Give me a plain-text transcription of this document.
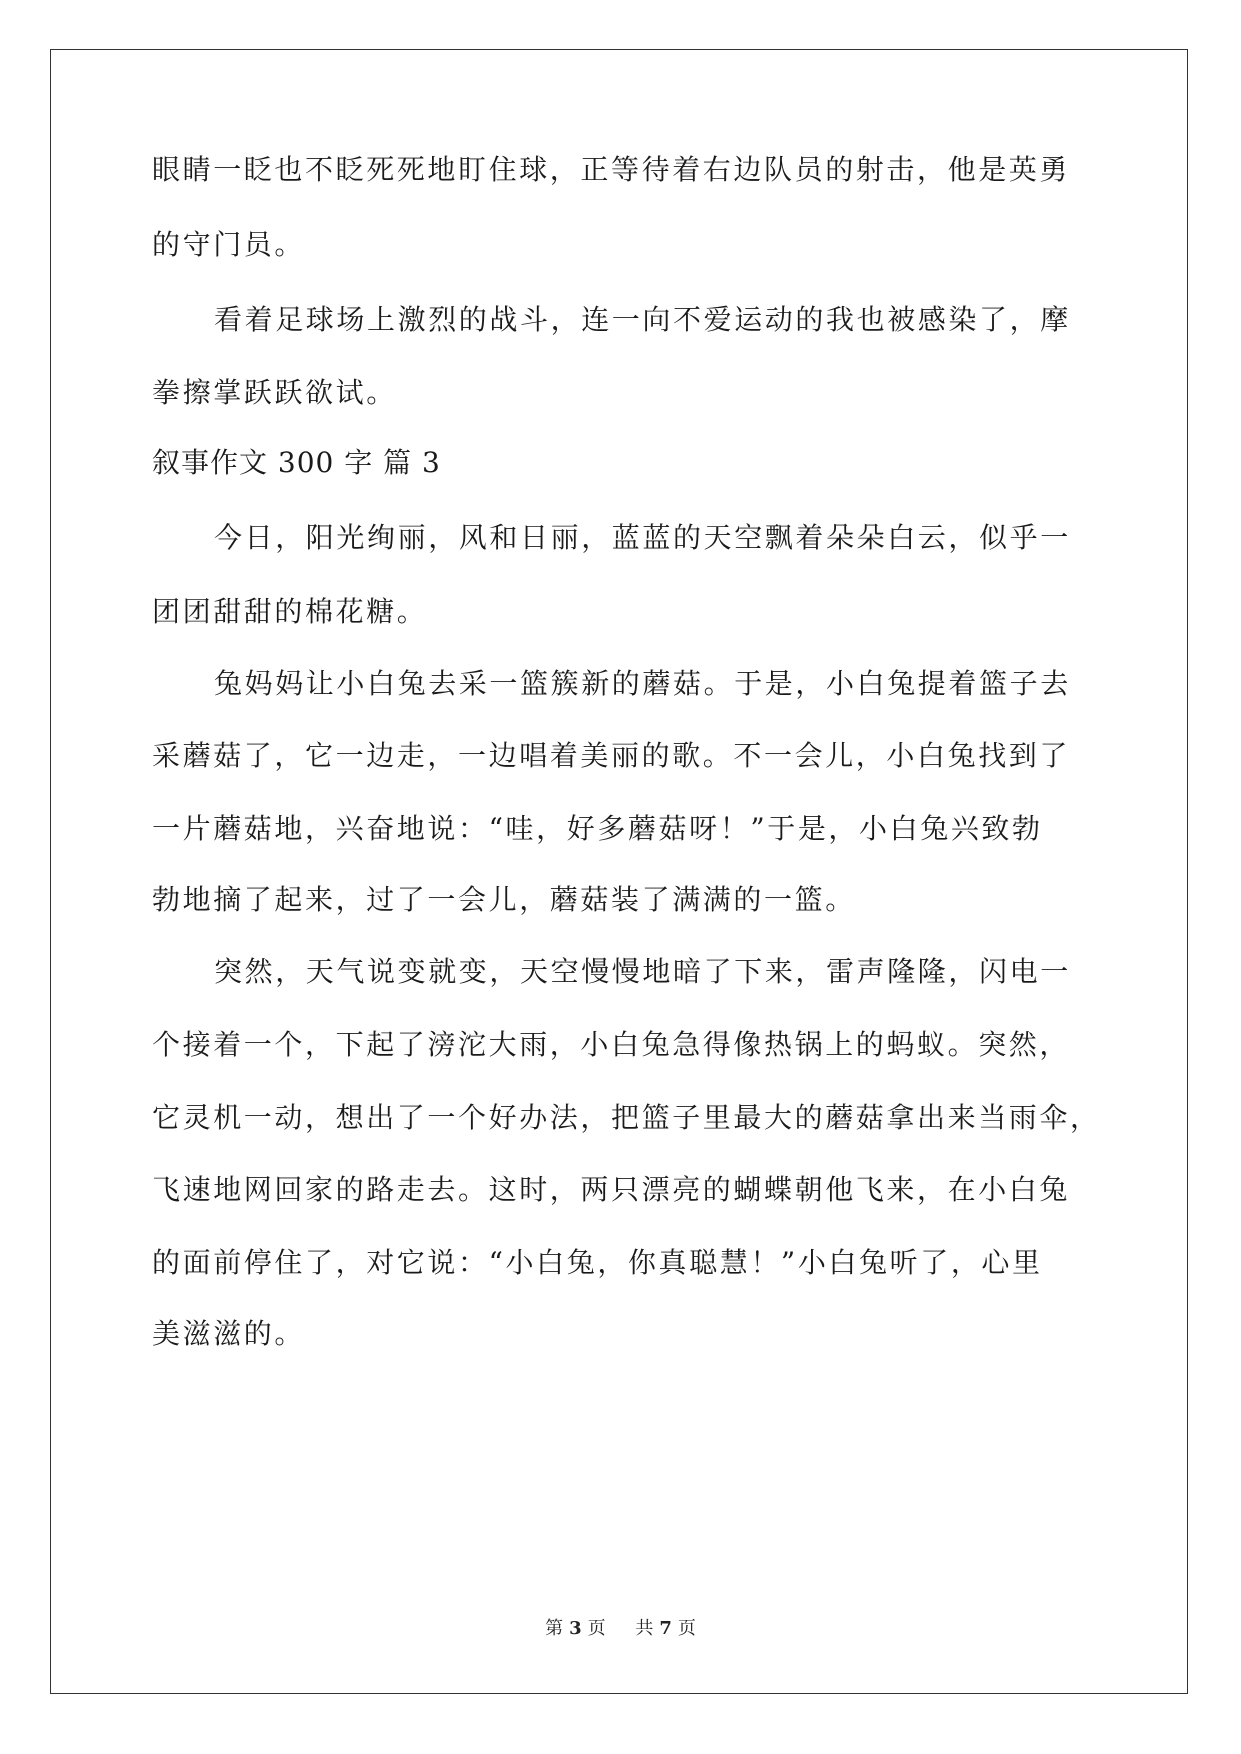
眼睛一眨也不眨死死地盯住球，正等待着右边队员的射击，他是英勇
的守门员。
看着足球场上激烈的战斗，连一向不爱运动的我也被感染了，摩
拳擦掌跃跃欲试。
叙事作文 300 字 篇 3
今日，阳光绚丽，风和日丽，蓝蓝的天空飘着朵朵白云，似乎一
团团甜甜的棉花糖。
兔妈妈让小白兔去采一篮簇新的蘑菇。于是，小白兔提着篮子去
采蘑菇了，它一边走，一边唱着美丽的歌。不一会儿，小白兔找到了
一片蘑菇地，兴奋地说：“哇，好多蘑菇呀！”于是，小白兔兴致勃
勃地摘了起来，过了一会儿，蘑菇装了满满的一篮。
突然，天气说变就变，天空慢慢地暗了下来，雷声隆隆，闪电一
个接着一个，下起了滂沱大雨，小白兔急得像热锅上的蚂蚁。突然，
它灵机一动，想出了一个好办法，把篮子里最大的蘑菇拿出来当雨伞，
飞速地网回家的路走去。这时，两只漂亮的蝴蝶朝他飞来，在小白兔
的面前停住了，对它说：“小白兔，你真聪慧！”小白兔听了，心里
美滋滋的。
第 3 页 共 7 页
